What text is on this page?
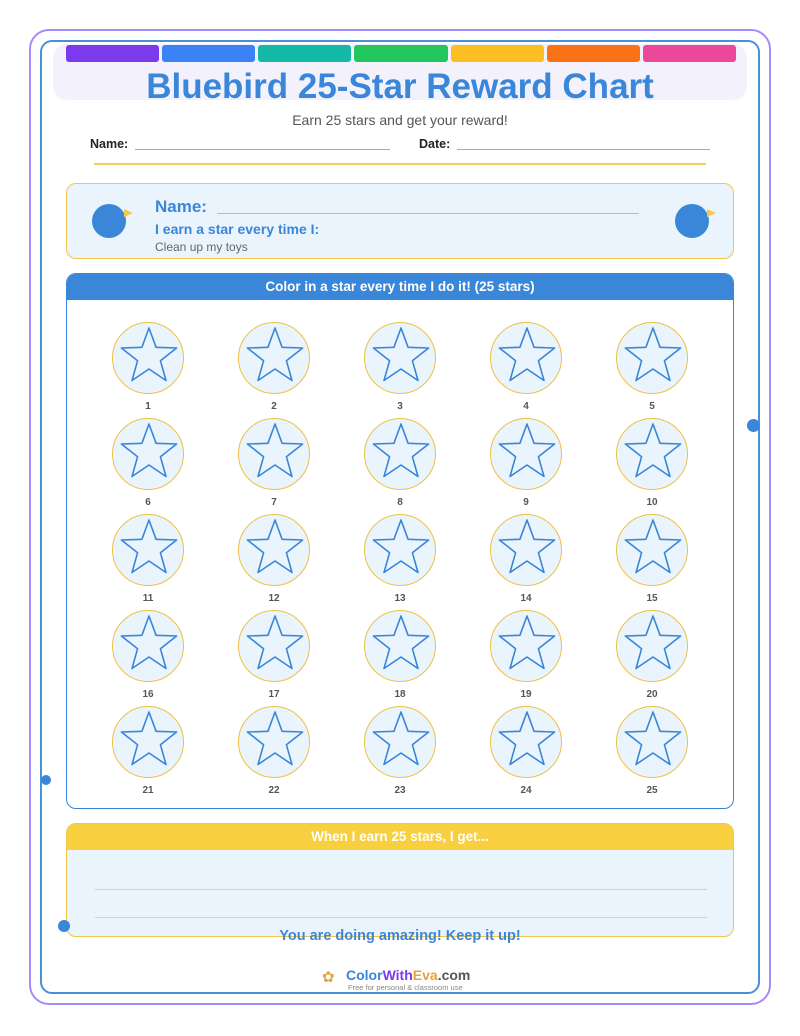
Bluebird 25-Star Reward Chart
Earn 25 stars and get your reward!
Name:	Date:
Name:
I earn a star every time I:
Clean up my toys
Color in a star every time I do it! (25 stars)
1	2	3	4	5
6	7	8	9	10
11	12	13	14	15
16	17	18	19	20
21	22	23	24	25
When I earn 25 stars, I get...
You are doing amazing! Keep it up!
✿ ColorWithEva.com
Free for personal & classroom use
